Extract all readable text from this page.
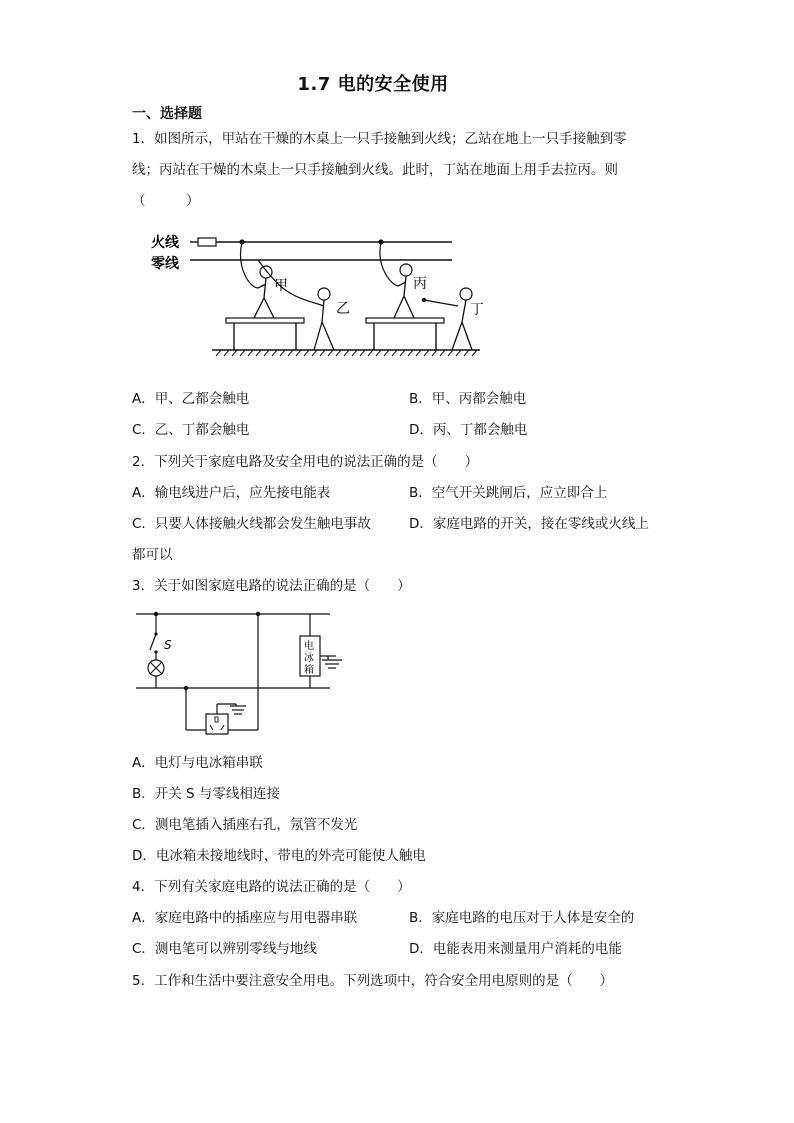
1.7 电的安全使用
一、选择题
1．如图所示，甲站在干燥的木桌上一只手接触到火线；乙站在地上一只手接触到零
线；丙站在干燥的木桌上一只手接触到火线。此时，丁站在地面上用手去拉丙。则
（　　　）
火线
零线
甲
乙
丙
丁
A．甲、乙都会触电	B．甲、丙都会触电
C．乙、丁都会触电	D．丙、丁都会触电
2．下列关于家庭电路及安全用电的说法正确的是（　　）
A．输电线进户后，应先接电能表	B．空气开关跳闸后，应立即合上
C．只要人体接触火线都会发生触电事故	D．家庭电路的开关，接在零线或火线上
都可以
3．关于如图家庭电路的说法正确的是（　　）
S	电
冰
箱
A．电灯与电冰箱串联
B．开关 S 与零线相连接
C．测电笔插入插座右孔，氖管不发光
D．电冰箱未接地线时，带电的外壳可能使人触电
4．下列有关家庭电路的说法正确的是（　　）
A．家庭电路中的插座应与用电器串联	B．家庭电路的电压对于人体是安全的
C．测电笔可以辨别零线与地线	D．电能表用来测量用户消耗的电能
5．工作和生活中要注意安全用电。下列选项中，符合安全用电原则的是（　　）
